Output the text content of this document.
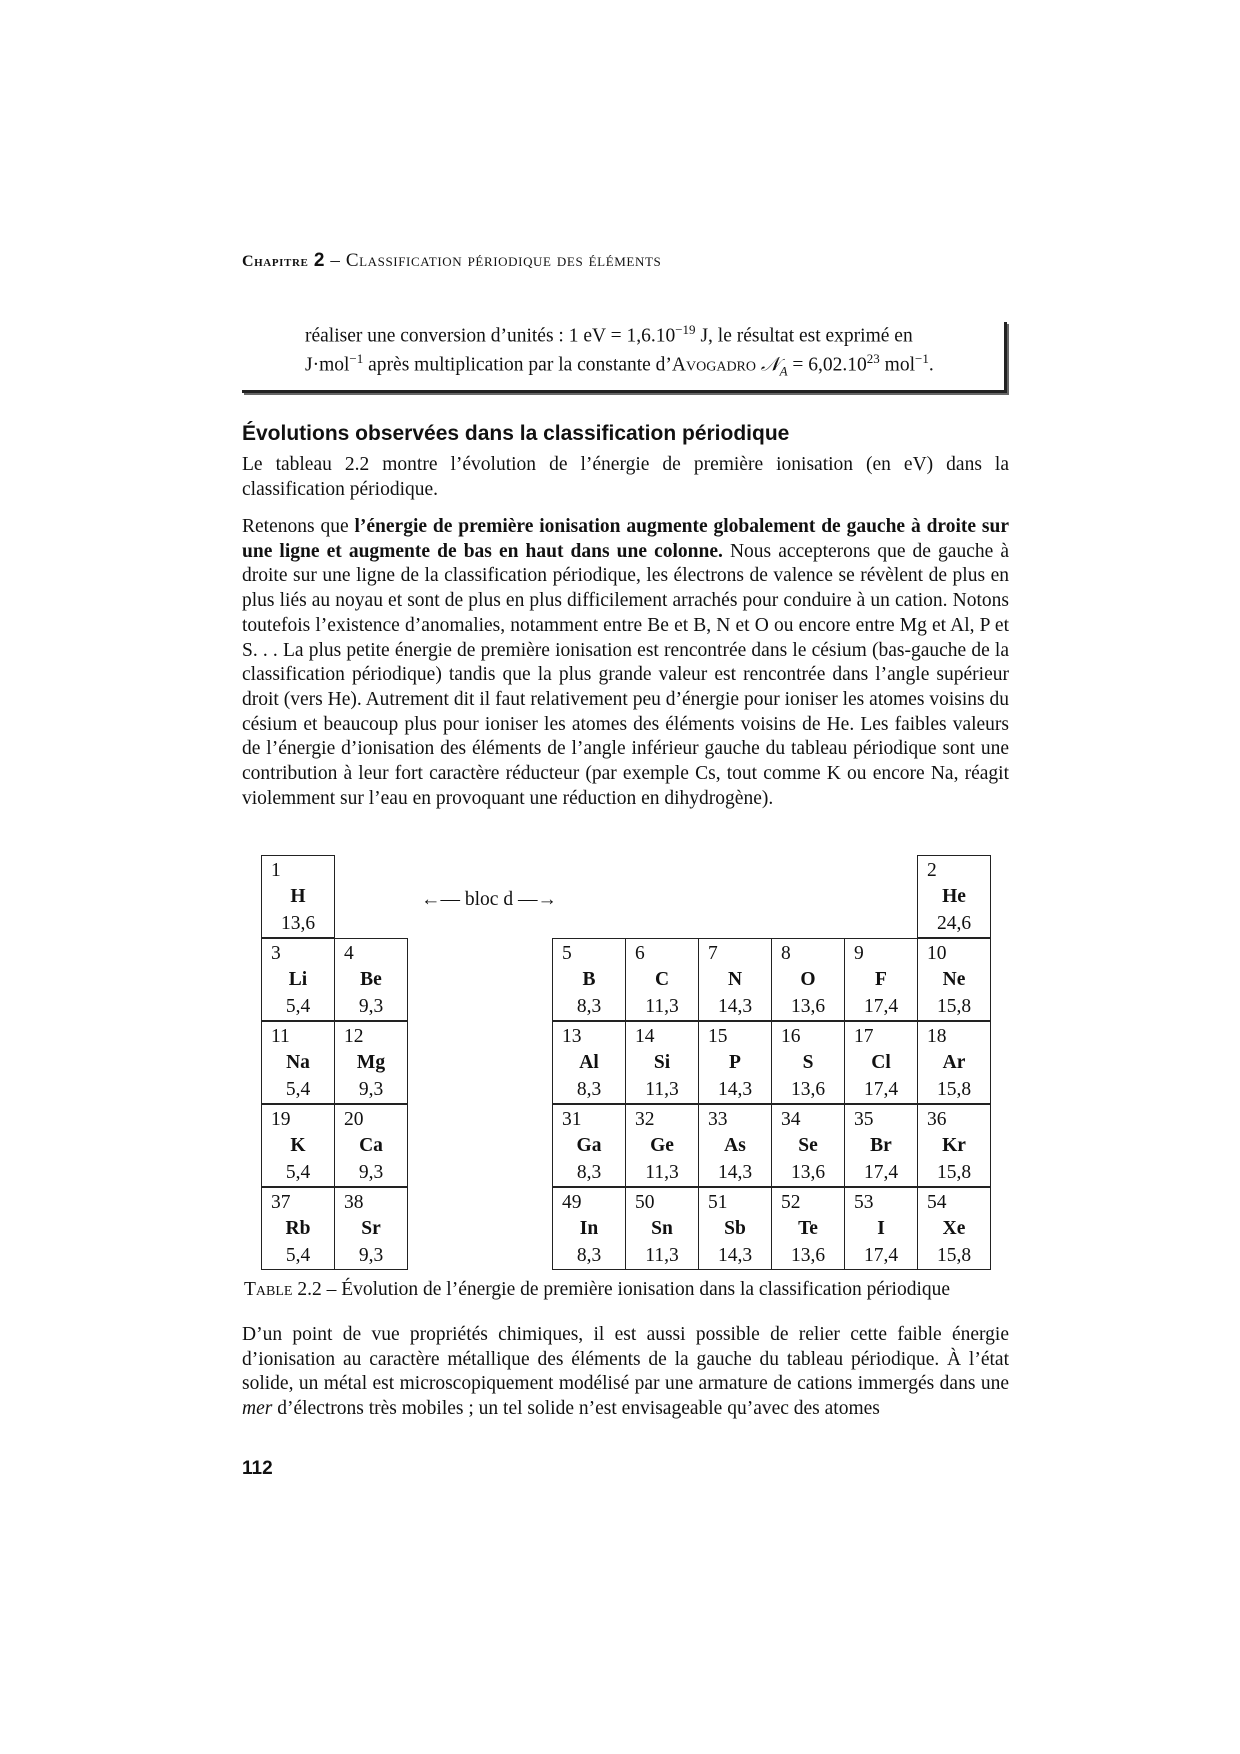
Chapitre 2 – Classification périodique des éléments
réaliser une conversion d’unités : 1 eV = $1,6.10^{-19}$ J, le résultat est exprimé en
J·mol$^{-1}$ après multiplication par la constante d’Avogadro 𝒩$_A$ = $6,02.10^{23}$ mol$^{-1}$.
Évolutions observées dans la classification périodique

Le tableau 2.2 montre l’évolution de l’énergie de première ionisation (en eV) dans la classification périodique.

Retenons que l’énergie de première ionisation augmente globalement de gauche à droite sur une ligne et augmente de bas en haut dans une colonne. Nous accepterons que de gauche à droite sur une ligne de la classification périodique, les électrons de valence se révèlent de plus en plus liés au noyau et sont de plus en plus difficilement arrachés pour conduire à un cation. Notons toutefois l’existence d’anomalies, notamment entre Be et B, N et O ou encore entre Mg et Al, P et S. . . La plus petite énergie de première ionisation est rencontrée dans le césium (bas-gauche de la classification périodique) tandis que la plus grande valeur est rencontrée dans l’angle supérieur droit (vers He). Autrement dit il faut relativement peu d’énergie pour ioniser les atomes voisins du césium et beaucoup plus pour ioniser les atomes des éléments voisins de He. Les faibles valeurs de l’énergie d’ionisation des éléments de l’angle inférieur gauche du tableau périodique sont une contribution à leur fort caractère réducteur (par exemple Cs, tout comme K ou encore Na, réagit violemment sur l’eau en provoquant une réduction en dihydrogène).

←— bloc d —→
1
H
13,6
2
He
24,6
3
Li
5,4
4
Be
9,3
5
B
8,3
6
C
11,3
7
N
14,3
8
O
13,6
9
F
17,4
10
Ne
15,8
11
Na
5,4
12
Mg
9,3
13
Al
8,3
14
Si
11,3
15
P
14,3
16
S
13,6
17
Cl
17,4
18
Ar
15,8
19
K
5,4
20
Ca
9,3
31
Ga
8,3
32
Ge
11,3
33
As
14,3
34
Se
13,6
35
Br
17,4
36
Kr
15,8
37
Rb
5,4
38
Sr
9,3
49
In
8,3
50
Sn
11,3
51
Sb
14,3
52
Te
13,6
53
I
17,4
54
Xe
15,8
Table 2.2 – Évolution de l’énergie de première ionisation dans la classification périodique

D’un point de vue propriétés chimiques, il est aussi possible de relier cette faible énergie d’ionisation au caractère métallique des éléments de la gauche du tableau périodique. À l’état solide, un métal est microscopiquement modélisé par une armature de cations immergés dans une mer d’électrons très mobiles ; un tel solide n’est envisageable qu’avec des atomes

112
